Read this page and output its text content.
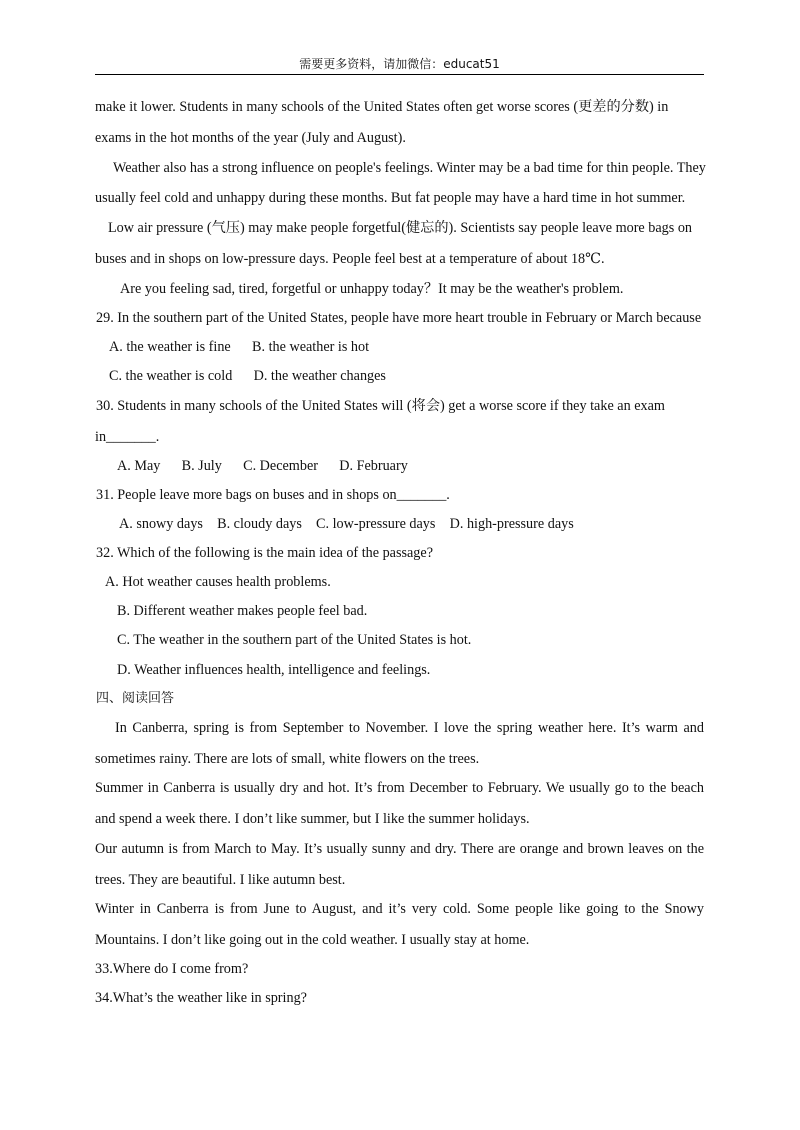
需要更多资料，请加微信：educat51
make it lower. Students in many schools of the United States often get worse scores (更差的分数) in
exams in the hot months of the year (July and August).
Weather also has a strong influence on people's feelings. Winter may be a bad time for thin people. They
usually feel cold and unhappy during these months. But fat people may have a hard time in hot summer.
Low air pressure (气压) may make people forgetful(健忘的). Scientists say people leave more bags on
buses and in shops on low-pressure days. People feel best at a temperature of about 18℃.
Are you feeling sad, tired, forgetful or unhappy today？It may be the weather's problem.
29. In the southern part of the United States, people have more heart trouble in February or March because
A. the weather is fine      B. the weather is hot
C. the weather is cold      D. the weather changes
30. Students in many schools of the United States will (将会) get a worse score if they take an exam
in_______.
A. May      B. July      C. December      D. February
31. People leave more bags on buses and in shops on_______.
A. snowy days    B. cloudy days    C. low-pressure days    D. high-pressure days
32. Which of the following is the main idea of the passage?
A. Hot weather causes health problems.
B. Different weather makes people feel bad.
C. The weather in the southern part of the United States is hot.
D. Weather influences health, intelligence and feelings.
四、阅读回答
In Canberra, spring is from September to November. I love the spring weather here. It’s warm and
sometimes rainy. There are lots of small, white flowers on the trees.
Summer in Canberra is usually dry and hot. It’s from December to February. We usually go to the beach
and spend a week there. I don’t like summer, but I like the summer holidays.
Our autumn is from March to May. It’s usually sunny and dry. There are orange and brown leaves on the
trees. They are beautiful. I like autumn best.
Winter in Canberra is from June to August, and it’s very cold. Some people like going to the Snowy
Mountains. I don’t like going out in the cold weather. I usually stay at home.
33.Where do I come from?
34.What’s the weather like in spring?
